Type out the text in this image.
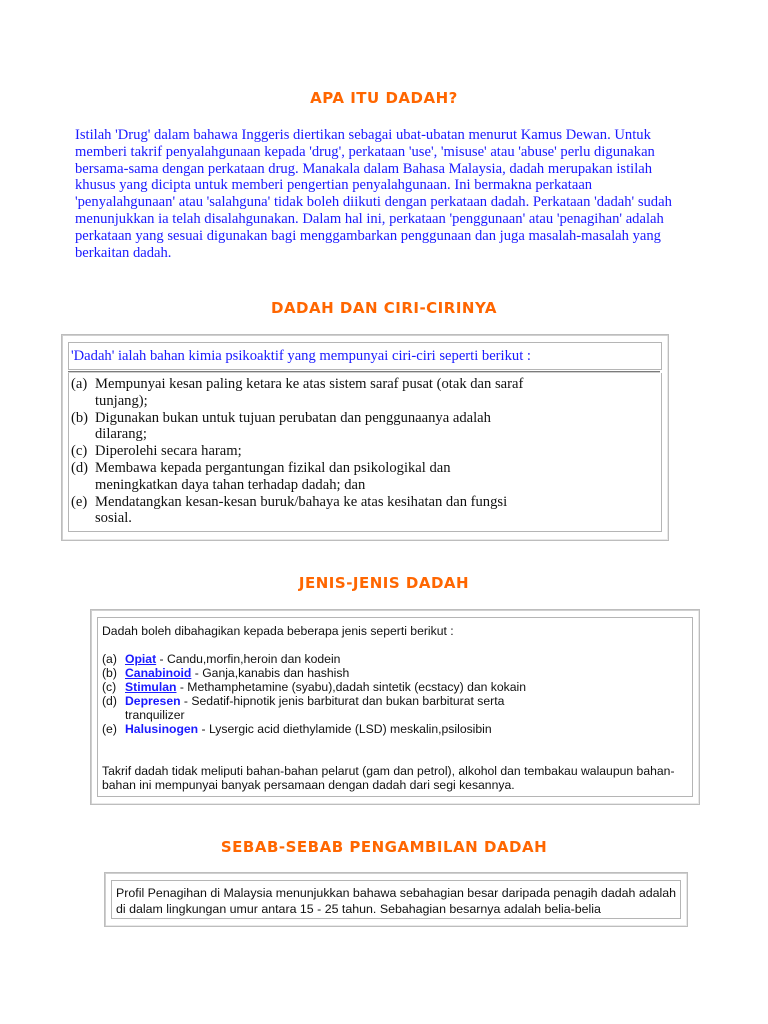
APA ITU DADAH?

Istilah 'Drug' dalam bahawa Inggeris diertikan sebagai ubat-ubatan menurut Kamus Dewan. Untuk memberi takrif penyalahgunaan kepada 'drug', perkataan 'use', 'misuse' atau 'abuse' perlu digunakan bersama-sama dengan perkataan drug. Manakala dalam Bahasa Malaysia, dadah merupakan istilah khusus yang dicipta untuk memberi pengertian penyalahgunaan. Ini bermakna perkataan 'penyalahgunaan' atau 'salahguna' tidak boleh diikuti dengan perkataan dadah. Perkataan 'dadah' sudah menunjukkan ia telah disalahgunakan. Dalam hal ini, perkataan 'penggunaan' atau 'penagihan' adalah perkataan yang sesuai digunakan bagi menggambarkan penggunaan dan juga masalah-masalah yang berkaitan dadah.

DADAH DAN CIRI-CIRINYA

'Dadah' ialah bahan kimia psikoaktif yang mempunyai ciri-ciri seperti berikut :

(a) Mempunyai kesan paling ketara ke atas sistem saraf pusat (otak dan saraf tunjang);
(b) Digunakan bukan untuk tujuan perubatan dan penggunaanya adalah dilarang;
(c) Diperolehi secara haram;
(d) Membawa kepada pergantungan fizikal dan psikologikal dan meningkatkan daya tahan terhadap dadah; dan
(e) Mendatangkan kesan-kesan buruk/bahaya ke atas kesihatan dan fungsi sosial.
JENIS-JENIS DADAH

Dadah boleh dibahagikan kepada beberapa jenis seperti berikut :

(a) Opiat - Candu,morfin,heroin dan kodein
(b) Canabinoid - Ganja,kanabis dan hashish
(c) Stimulan - Methamphetamine (syabu),dadah sintetik (ecstacy) dan kokain
(d) Depresen - Sedatif-hipnotik jenis barbiturat dan bukan barbiturat serta tranquilizer
(e) Halusinogen - Lysergic acid diethylamide (LSD) meskalin,psilosibin

Takrif dadah tidak meliputi bahan-bahan pelarut (gam dan petrol), alkohol dan tembakau walaupun bahan-bahan ini mempunyai banyak persamaan dengan dadah dari segi kesannya.

SEBAB-SEBAB PENGAMBILAN DADAH

Profil Penagihan di Malaysia menunjukkan bahawa sebahagian besar daripada penagih dadah adalah di dalam lingkungan umur antara 15 - 25 tahun. Sebahagian besarnya adalah belia-belia
